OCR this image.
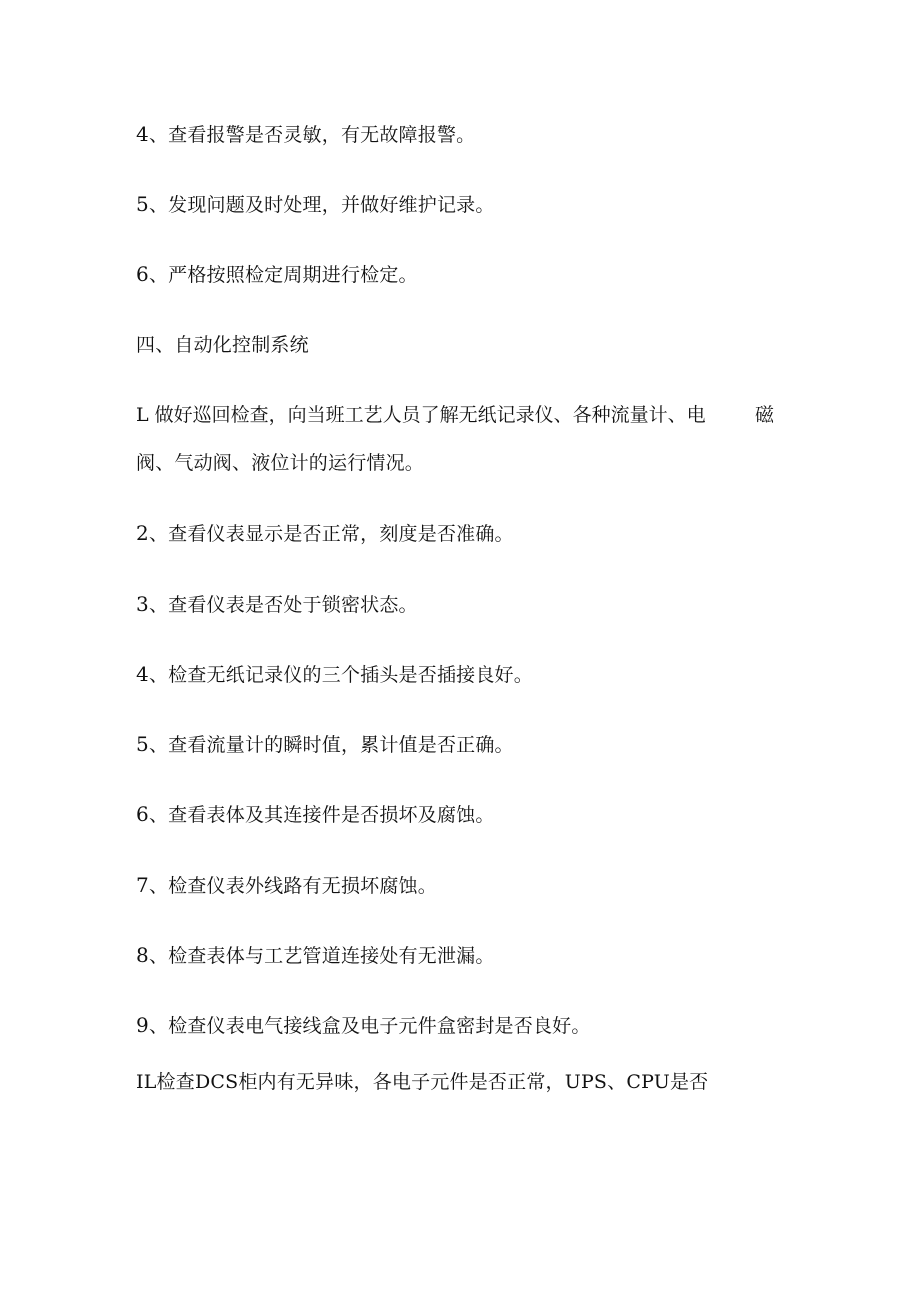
4、查看报警是否灵敏，有无故障报警。
5、发现问题及时处理，并做好维护记录。
6、严格按照检定周期进行检定。
四、自动化控制系统
L 做好巡回检查，向当班工艺人员了解无纸记录仪、各种流量计、电	磁
阀、气动阀、液位计的运行情况。
2、查看仪表显示是否正常，刻度是否准确。
3、查看仪表是否处于锁密状态。
4、检查无纸记录仪的三个插头是否插接良好。
5、查看流量计的瞬时值，累计值是否正确。
6、查看表体及其连接件是否损坏及腐蚀。
7、检查仪表外线路有无损坏腐蚀。
8、检查表体与工艺管道连接处有无泄漏。
9、检查仪表电气接线盒及电子元件盒密封是否良好。
IL检查DCS柜内有无异味，各电子元件是否正常，UPS、CPU是否
